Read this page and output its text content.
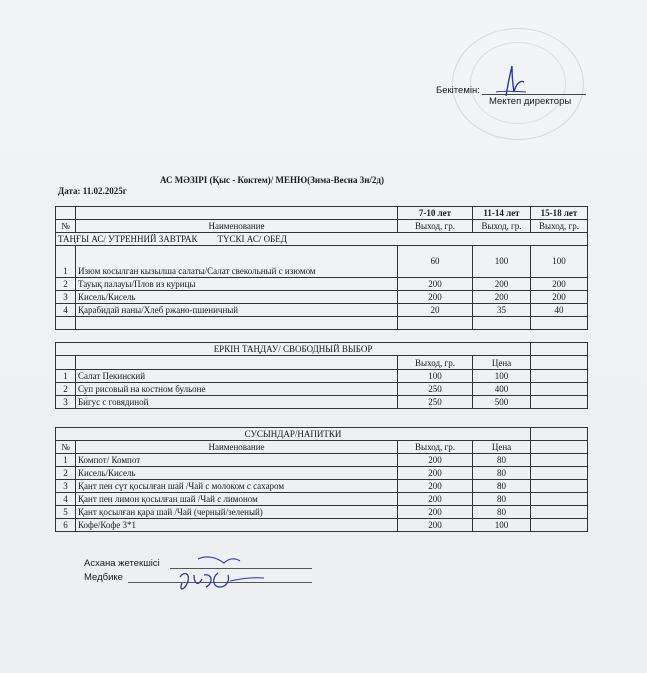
Бекітемін:
Мектеп директоры
АС МӘЗІРІ (Қыс - Коктем)/ МЕНЮ(Зима-Весна 3н/2д)
Дата: 11.02.2025г
		7-10 лет	11-14 лет	15-18 лет
№	Наименование	Выход, гр.	Выход, гр.	Выход, гр.
ТАҢҒЫ АС/ УТРЕННИЙ ЗАВТРАК ТҮСКІ АС/ ОБЕД				
1	Изюм косылган кызылша салаты/Салат свекольный с изюмом	60	100	100
2	Тауық палауы/Плов из курицы	200	200	200
3	Кисель/Кисель	200	200	200
4	Қарабидай наны/Хлеб ржано-пшеничный	20	35	40

ЕРКІН ТАҢДАУ/ СВОБОДНЫЙ ВЫБОР				
		Выход, гр.	Цена	
1	Салат Пекинский	100	100	
2	Суп рисовый на костном бульоне	250	400	
3	Бигус с говядиной	250	500	
СУСЫНДАР/НАПИТКИ				
№	Наименование	Выход, гр.	Цена	
1	Компот/ Компот	200	80	
2	Кисель/Кисель	200	80	
3	Қант пен сүт қосылған шай /Чай с молоком с сахаром	200	80	
4	Қант пен лимон қосылған шай /Чай с лимоном	200	80	
5	Қант қосылған қара шай /Чай (черный/зеленый)	200	80	
6	Кофе/Кофе 3*1	200	100	
Асхана жетекшісі
Медбике
